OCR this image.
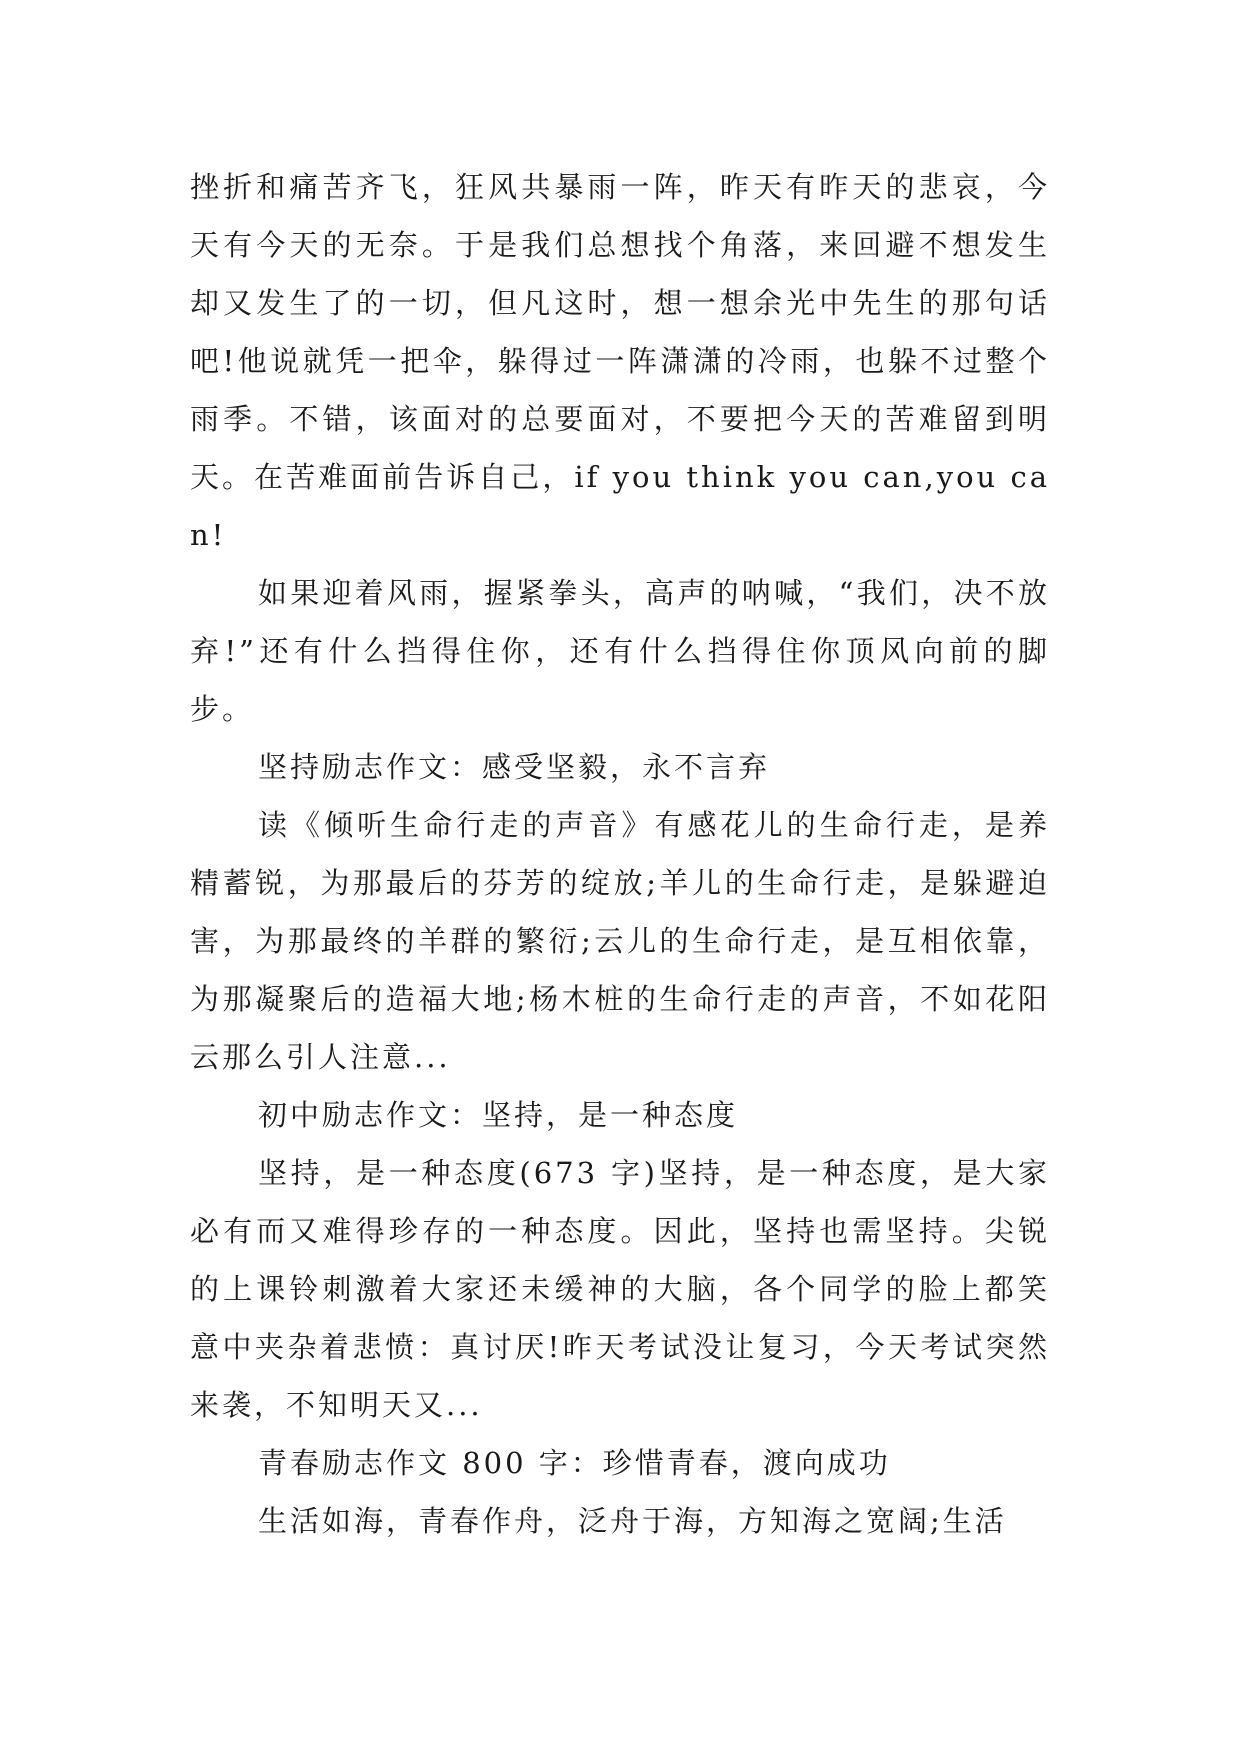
挫折和痛苦齐飞，狂风共暴雨一阵，昨天有昨天的悲哀，今天有今天的无奈。于是我们总想找个角落，来回避不想发生却又发生了的一切，但凡这时，想一想余光中先生的那句话吧!他说就凭一把伞，躲得过一阵潇潇的冷雨，也躲不过整个雨季。不错，该面对的总要面对，不要把今天的苦难留到明天。在苦难面前告诉自己，if you think you can,you can!

如果迎着风雨，握紧拳头，高声的呐喊，“我们，决不放弃!”还有什么挡得住你，还有什么挡得住你顶风向前的脚步。

坚持励志作文：感受坚毅，永不言弃

读《倾听生命行走的声音》有感花儿的生命行走，是养精蓄锐，为那最后的芬芳的绽放;羊儿的生命行走，是躲避迫害，为那最终的羊群的繁衍;云儿的生命行走，是互相依靠，为那凝聚后的造福大地;杨木桩的生命行走的声音，不如花阳云那么引人注意...

初中励志作文：坚持，是一种态度

坚持，是一种态度(673 字)坚持，是一种态度，是大家必有而又难得珍存的一种态度。因此，坚持也需坚持。尖锐的上课铃刺激着大家还未缓神的大脑，各个同学的脸上都笑意中夹杂着悲愤：真讨厌!昨天考试没让复习，今天考试突然来袭，不知明天又...

青春励志作文 800 字：珍惜青春，渡向成功

生活如海，青春作舟，泛舟于海，方知海之宽阔;生活
